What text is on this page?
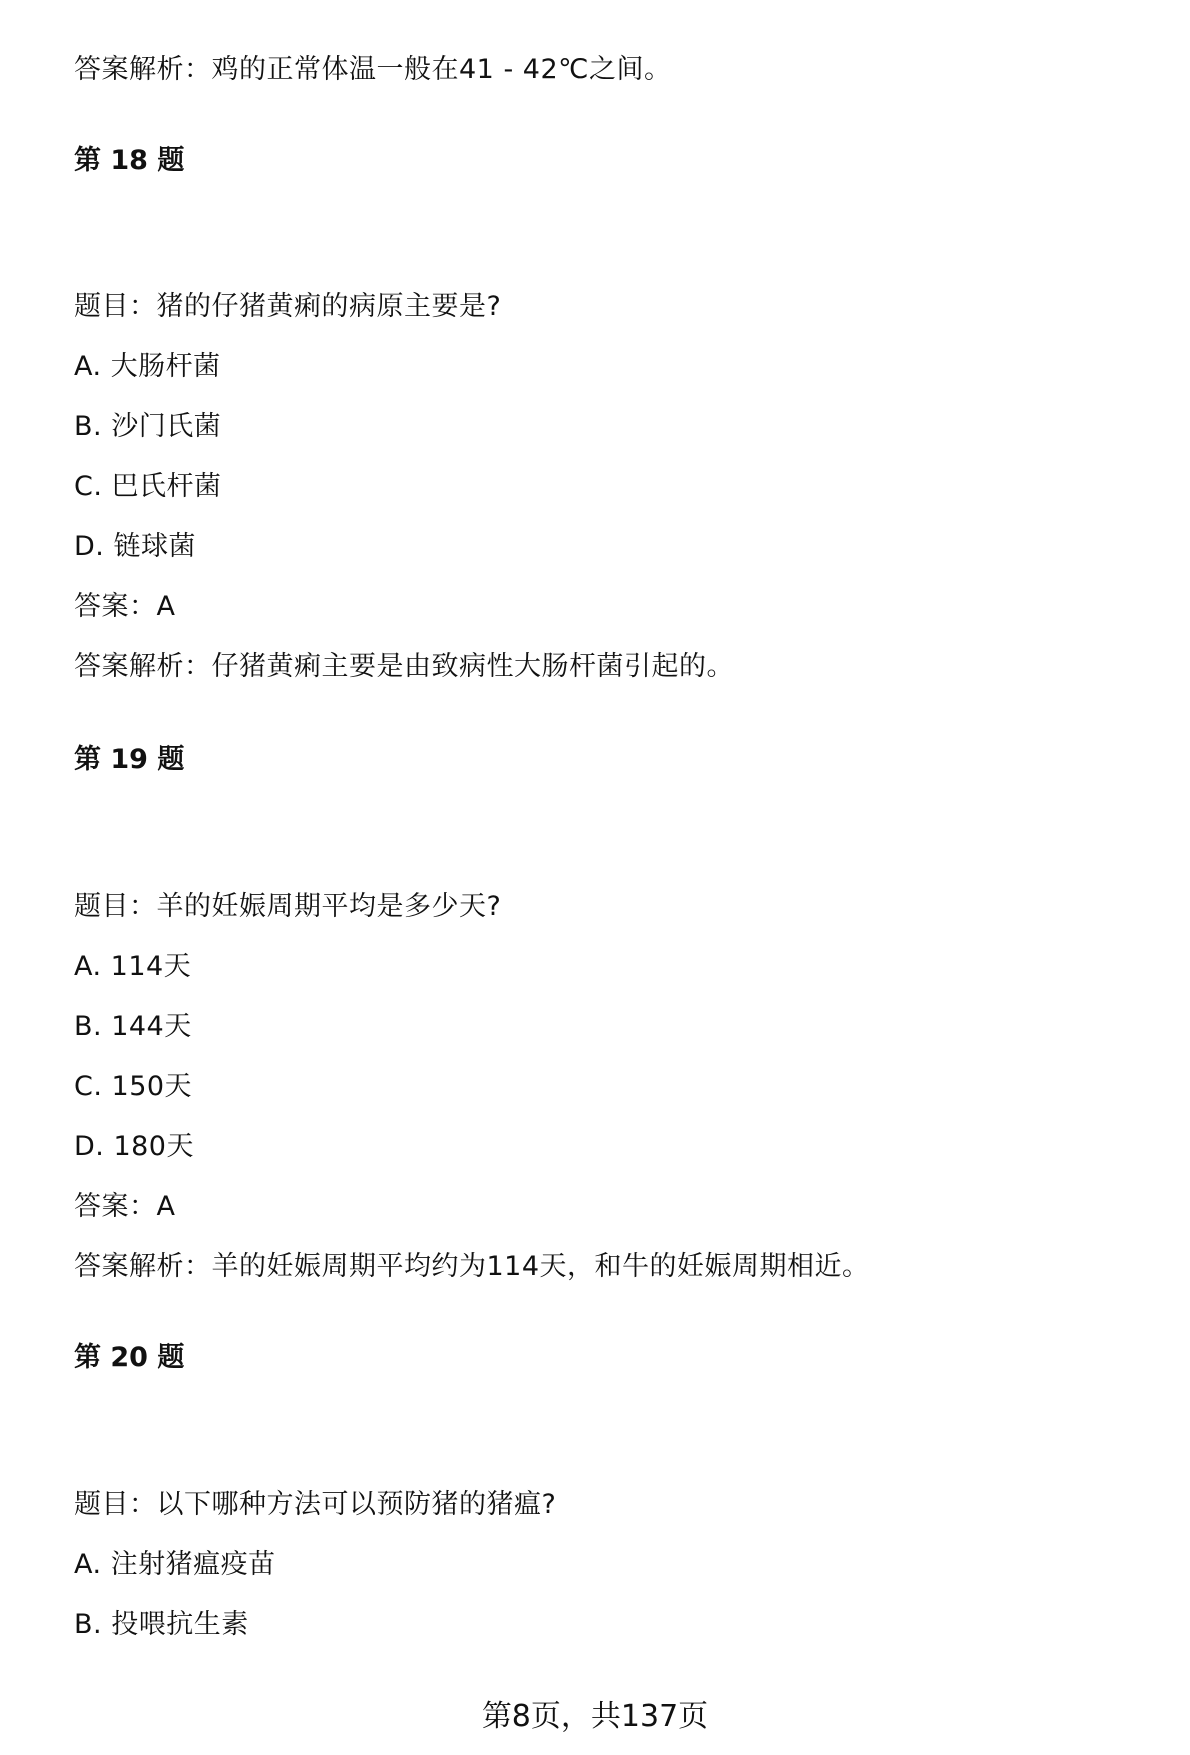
答案解析：鸡的正常体温一般在41 - 42℃之间。
第 18 题
题目：猪的仔猪黄痢的病原主要是?
A. 大肠杆菌
B. 沙门氏菌
C. 巴氏杆菌
D. 链球菌
答案：A
答案解析：仔猪黄痢主要是由致病性大肠杆菌引起的。
第 19 题
题目：羊的妊娠周期平均是多少天?
A. 114天
B. 144天
C. 150天
D. 180天
答案：A
答案解析：羊的妊娠周期平均约为114天，和牛的妊娠周期相近。
第 20 题
题目：以下哪种方法可以预防猪的猪瘟?
A. 注射猪瘟疫苗
B. 投喂抗生素
第8页，共137页
